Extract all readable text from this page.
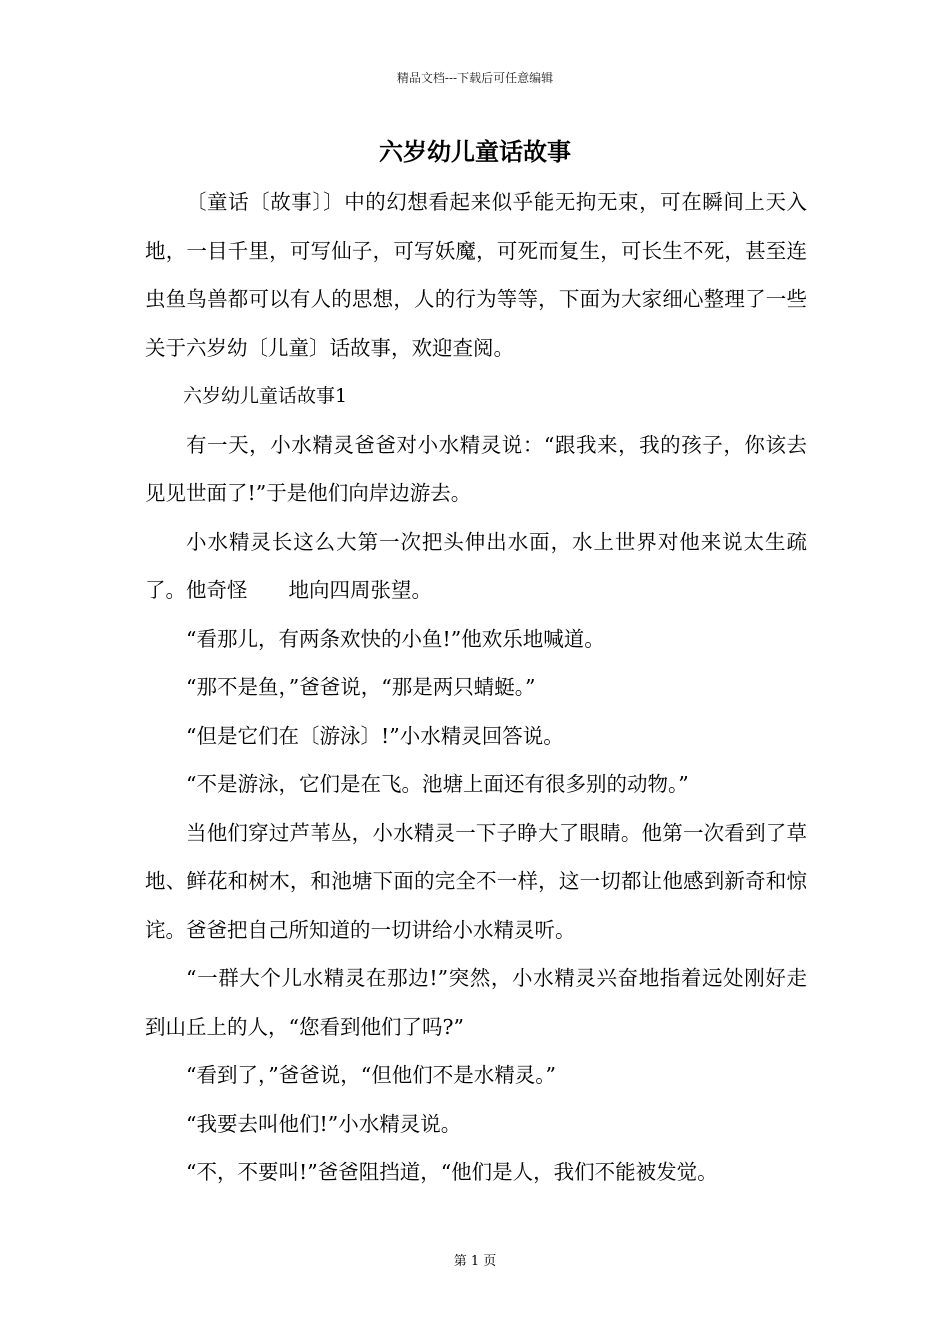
精品文档---下载后可任意编辑
六岁幼儿童话故事

〔童话〔故事〕〕中的幻想看起来似乎能无拘无束，可在瞬间上天入地，一目千里，可写仙子，可写妖魔，可死而复生，可长生不死，甚至连虫鱼鸟兽都可以有人的思想，人的行为等等，下面为大家细心整理了一些关于六岁幼〔儿童〕话故事，欢迎查阅。

六岁幼儿童话故事1

有一天，小水精灵爸爸对小水精灵说：“跟我来，我的孩子，你该去见见世面了!”于是他们向岸边游去。

小水精灵长这么大第一次把头伸出水面，水上世界对他来说太生疏了。他奇怪　　地向四周张望。

“看那儿，有两条欢快的小鱼!”他欢乐地喊道。

“那不是鱼，”爸爸说，“那是两只蜻蜓。”

“但是它们在〔游泳〕!”小水精灵回答说。

“不是游泳，它们是在飞。池塘上面还有很多别的动物。”

当他们穿过芦苇丛，小水精灵一下子睁大了眼睛。他第一次看到了草地、鲜花和树木，和池塘下面的完全不一样，这一切都让他感到新奇和惊诧。爸爸把自己所知道的一切讲给小水精灵听。

“一群大个儿水精灵在那边!”突然，小水精灵兴奋地指着远处刚好走到山丘上的人，“您看到他们了吗?”

“看到了，”爸爸说，“但他们不是水精灵。”

“我要去叫他们!”小水精灵说。

“不，不要叫!”爸爸阻挡道，“他们是人，我们不能被发觉。

第 1 页
